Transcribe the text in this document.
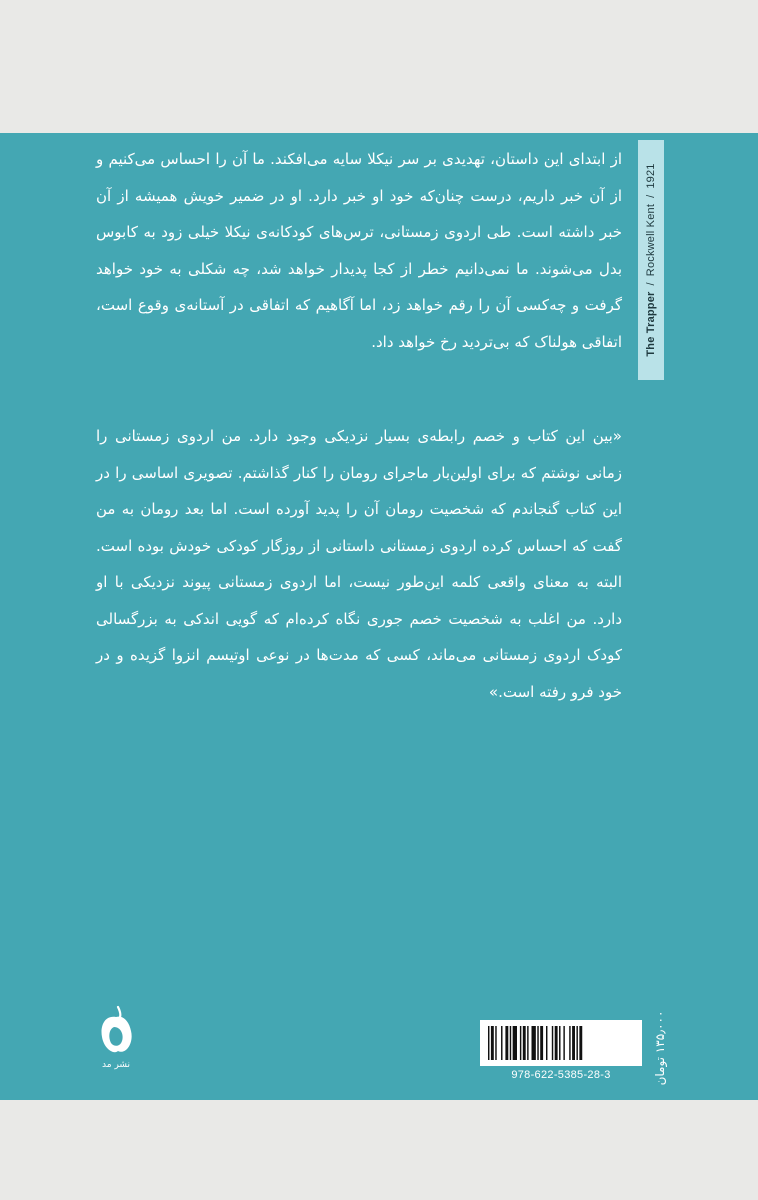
The Trapper/Rockwell Kent/1921

از ابتدای این داستان، تهدیدی بر سر نیکلا سایه می‌افکند. ما آن را احساس می‌کنیم و از آن خبر داریم، درست چنان‌که خود او خبر دارد. او در ضمیر خویش همیشه از آن خبر داشته است. طی اردوی زمستانی، ترس‌های کودکانه‌ی نیکلا خیلی زود به کابوس بدل می‌شوند. ما نمی‌دانیم خطر از کجا پدیدار خواهد شد، چه شکلی به خود خواهد گرفت و چه‌کسی آن را رقم خواهد زد، اما آگاهیم که اتفاقی در آستانه‌ی وقوع است، اتفاقی هولناک که بی‌تردید رخ خواهد داد.

«بین این کتاب و خصم رابطه‌ی بسیار نزدیکی وجود دارد. من اردوی زمستانی را زمانی نوشتم که برای اولین‌بار ماجرای رومان را کنار گذاشتم. تصویری اساسی را در این کتاب گنجاندم که شخصیت رومان آن را پدید آورده است. اما بعد رومان به من گفت که احساس کرده اردوی زمستانی داستانی از روزگار کودکی خودش بوده است. البته به معنای واقعی کلمه این‌طور نیست، اما اردوی زمستانی پیوند نزدیکی با او دارد. من اغلب به شخصیت خصم جوری نگاه کرده‌ام که گویی اندکی به بزرگسالی کودک اردوی زمستانی می‌ماند، کسی که مدت‌ها در نوعی اوتیسم انزوا گزیده و در خود فرو رفته است.»

نشر مد
978-622-5385-28-3	۱۳۵٫۰۰۰ تومان
